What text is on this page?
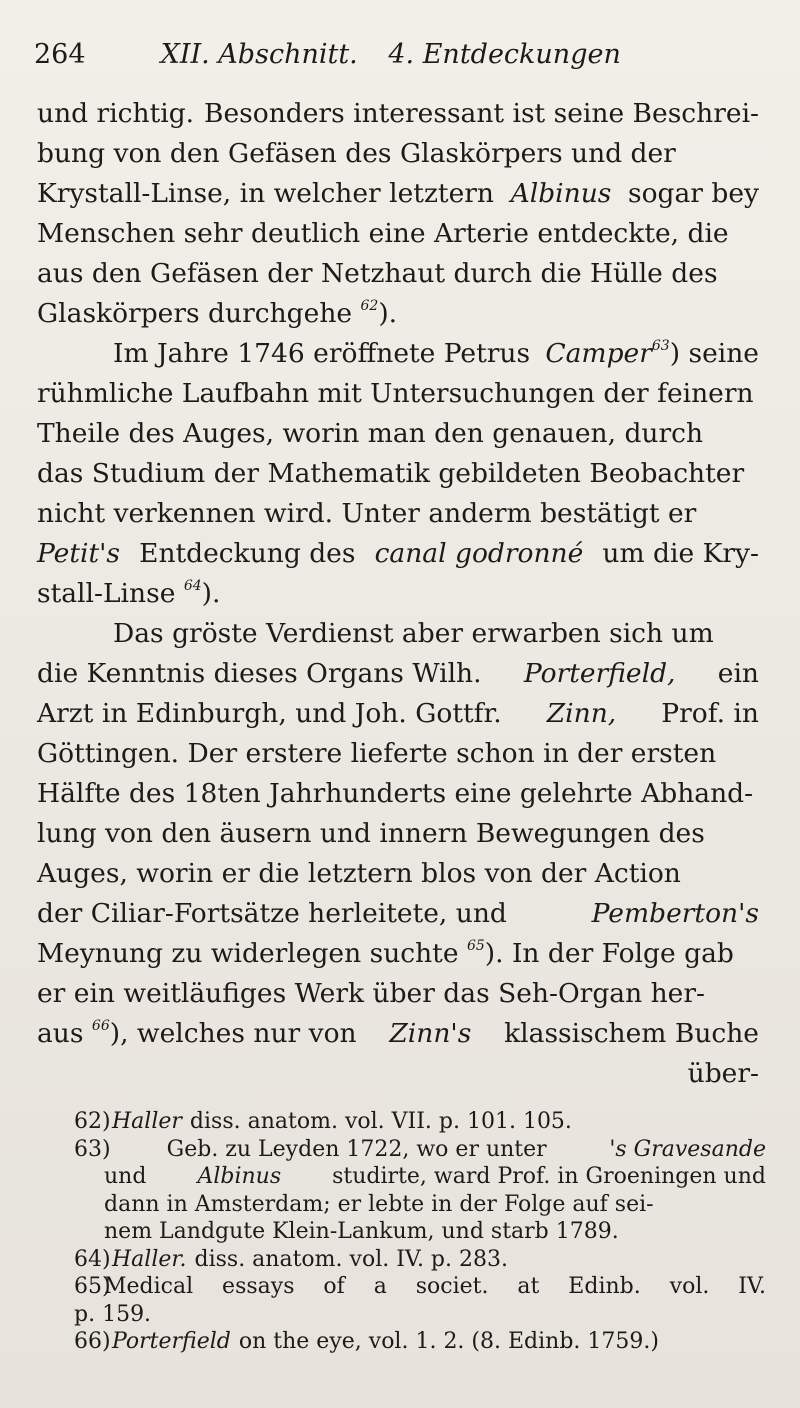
264	XII. Abschnitt. 4. Entdeckungen
und richtig. Besonders interessant ist seine Beschrei-
bung von den Gefäsen des Glaskörpers und der
Krystall-Linse, in welcher letztern Albinus sogar bey
Menschen sehr deutlich eine Arterie entdeckte, die
aus den Gefäsen der Netzhaut durch die Hülle des
Glaskörpers durchgehe $^{62}$).
Im Jahre 1746 eröffnete Petrus Camper$^{63}$) seine
rühmliche Laufbahn mit Untersuchungen der feinern
Theile des Auges, worin man den genauen, durch
das Studium der Mathematik gebildeten Beobachter
nicht verkennen wird. Unter anderm bestätigt er
Petit's Entdeckung des canal godronné um die Kry-
stall-Linse $^{64}$).
Das gröste Verdienst aber erwarben sich um
die Kenntnis dieses Organs Wilh. Porterfield, ein
Arzt in Edinburgh, und Joh. Gottfr. Zinn, Prof. in
Göttingen. Der erstere lieferte schon in der ersten
Hälfte des 18ten Jahrhunderts eine gelehrte Abhand-
lung von den äusern und innern Bewegungen des
Auges, worin er die letztern blos von der Action
der Ciliar-Fortsätze herleitete, und	Pemberton's
Meynung zu widerlegen suchte $^{65}$). In der Folge gab
er ein weitläufiges Werk über das Seh-Organ her-
aus $^{66}$), welches nur von Zinn's klassischem Buche
über-
62) Haller diss. anatom. vol. VII. p. 101. 105.
63)	Geb. zu Leyden 1722, wo er unter	's Gravesande
und Albinus studirte, ward Prof. in Groeningen und
dann in Amsterdam; er lebte in der Folge auf sei-
nem Landgute Klein-Lankum, und starb 1789.
64) Haller. diss. anatom. vol. IV. p. 283.
65)
Medical essays of a societ. at Edinb. vol. IV.
p. 159.
66) Porterfield on the eye, vol. 1. 2. (8. Edinb. 1759.)
